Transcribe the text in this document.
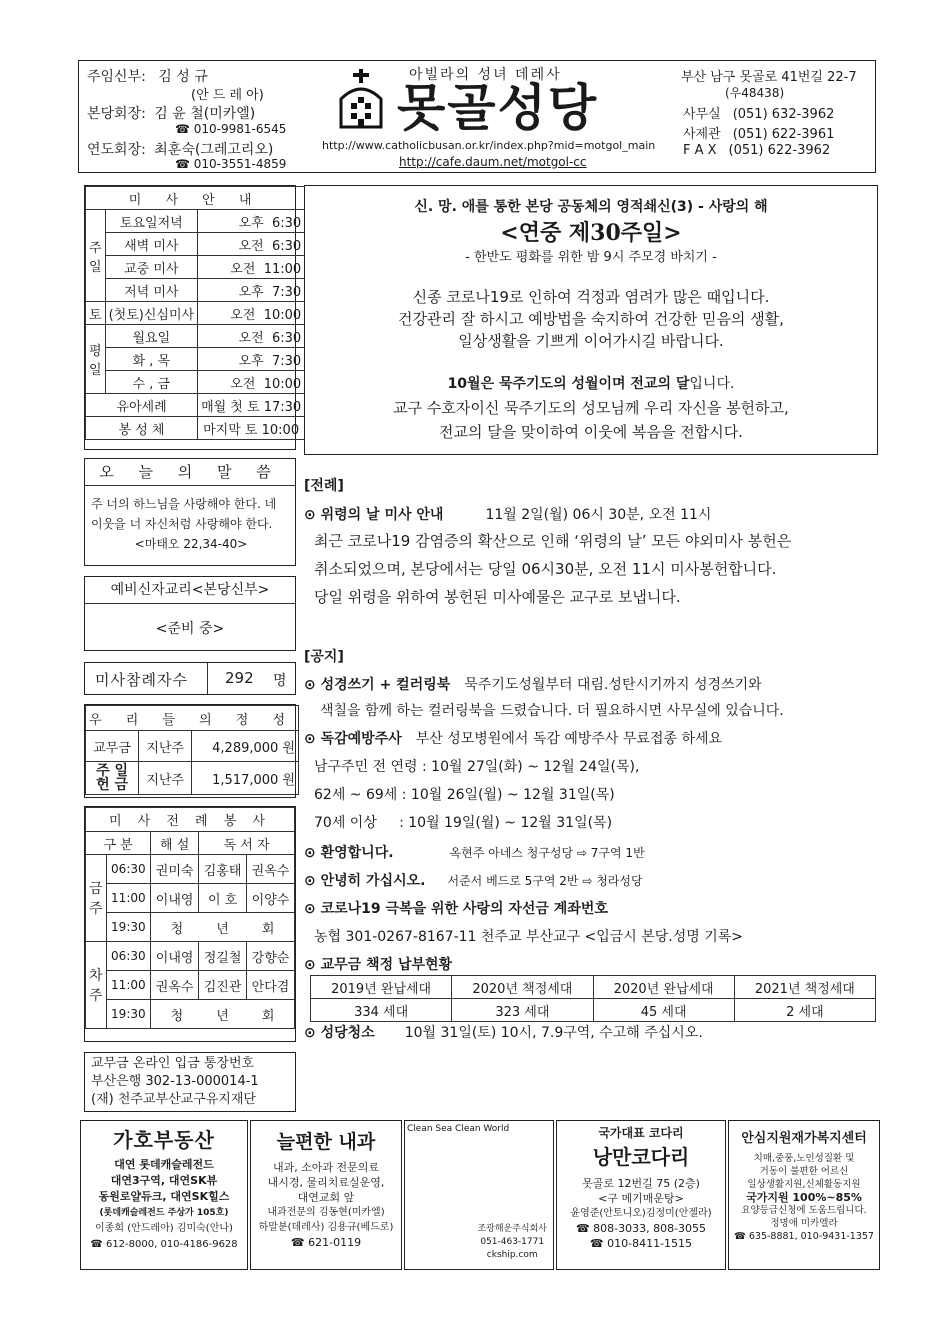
주임신부: 김 성 규
(안 드 레 아)
본당회장: 김 윤 철(미카엘)
☎ 010-9981-6545
연도회장: 최훈숙(그레고리오)
☎ 010-3551-4859
아빌라의 성녀 데레사
못골성당
http://www.catholicbusan.or.kr/index.php?mid=motgol_main
http://cafe.daum.net/motgol-cc
부산 남구 못골로 41번길 22-7
(우48438)
사무실 (051) 632-3962
사제관 (051) 622-3961
F A X (051) 622-3962
미 사 안 내		
주일	토요일저녁	오후 6:30
	새벽 미사	오전 6:30
	교중 미사	오전 11:00
	저녁 미사	오후 7:30
토	(첫토)신심미사	오전 10:00
평일	월요일	오전 6:30
	화 , 목	오후 7:30
	수 , 금	오전 10:00
유아세례		매월 첫 토 17:30
봉 성 체		마지막 토 10:00
오 늘 의 말 씀
주 너의 하느님을 사랑해야 한다. 네
이웃을 너 자신처럼 사랑해야 한다.
<마태오 22,34-40>
예비신자교리<본당신부>
<준비 중>
미사참례자수 292 명
우 리 들 의 정 성		
교무금	지난주	4,289,000 원

주 일
헌 금	지난주	1,517,000 원
미 사 전 례 봉 사				
구 분		해 설	독 서 자	
금주	06:30	권미숙	김홍태	권옥수
	11:00	이내영	이 호	이양수
	19:30	청        년        회		
차주	06:30	이내영	정길철	강향순
	11:00	권옥수	김진관	안다겸
	19:30	청        년        회		
교무금 온라인 입금 통장번호
부산은행 302-13-000014-1
(재) 천주교부산교구유지재단
신. 망. 애를 통한 본당 공동체의 영적쇄신(3) - 사랑의 해
<연중 제30주일>
- 한반도 평화를 위한 밤 9시 주모경 바치기 -
신종 코로나19로 인하여 걱정과 염려가 많은 때입니다.
건강관리 잘 하시고 예방법을 숙지하여 건강한 믿음의 생활,
일상생활을 기쁘게 이어가시길 바랍니다.
10월은 묵주기도의 성월이며 전교의 달입니다.
교구 수호자이신 묵주기도의 성모님께 우리 자신을 봉헌하고,
전교의 달을 맞이하여 이웃에 복음을 전합시다.
[전례]
⊙ 위령의 날 미사 안내	11월 2일(월) 06시 30분, 오전 11시
최근 코로나19 감염증의 확산으로 인해 ‘위령의 날’ 모든 야외미사 봉헌은
취소되었으며, 본당에서는 당일 06시30분, 오전 11시 미사봉헌합니다.
당일 위령을 위하여 봉헌된 미사예물은 교구로 보냅니다.
[공지]
⊙ 성경쓰기 + 컬러링북 묵주기도성월부터 대림.성탄시기까지 성경쓰기와
색칠을 함께 하는 컬러링북을 드렸습니다. 더 필요하시면 사무실에 있습니다.
⊙ 독감예방주사 부산 성모병원에서 독감 예방주사 무료접종 하세요
남구주민 전 연령 : 10월 27일(화) ~ 12월 24일(목),
62세 ~ 69세 : 10월 26일(월) ~ 12월 31일(목)
70세 이상     : 10월 19일(월) ~ 12월 31일(목)
⊙ 환영합니다.	옥현주 아네스 청구성당 ⇨ 7구역 1반
⊙ 안녕히 가십시오. 서준서 베드로 5구역 2반 ⇨ 청라성당
⊙ 코로나19 극복을 위한 사랑의 자선금 계좌번호
농협 301-0267-8167-11 천주교 부산교구 <입금시 본당.성명 기록>
⊙ 교무금 책정 납부현황
2019년 완납세대	2020년 책정세대	2020년 완납세대	2021년 책정세대
334 세대	323 세대	45 세대	2 세대
⊙ 성당청소 10월 31일(토) 10시, 7.9구역, 수고해 주십시오.
가호부동산
대연 롯데캐슬레전드
대연3구역, 대연SK뷰
동원로얄듀크, 대연SK힐스
(롯데캐슬레전드 주상가 105호)
이종희 (안드레아) 김미숙(안나)
☎ 612-8000, 010-4186-9628
늘편한 내과
내과, 소아과 전문의료
내시경, 물리치료실운영,
대연교회 앞
내과전문의 김동현(미카엘)
하말분(데레사) 김용규(베드로)
☎ 621-0119
Clean Sea Clean World
조광해운주식회사
051-463-1771
ckship.com
국가대표 코다리
낭만코다리
못골로 12번길 75 (2층)
<구 메기매운탕>
윤영준(안토니오)김정미(안젤라)
☎ 808-3033, 808-3055
☎ 010-8411-1515
안심지원재가복지센터
치매,중풍,노인성질환 및
거동이 불편한 어르신
일상생활지원,신체활동지원
국가지원 100%~85%
요양등급신청에 도움드립니다.
정명애 미카엘라
☎ 635-8881, 010-9431-1357
